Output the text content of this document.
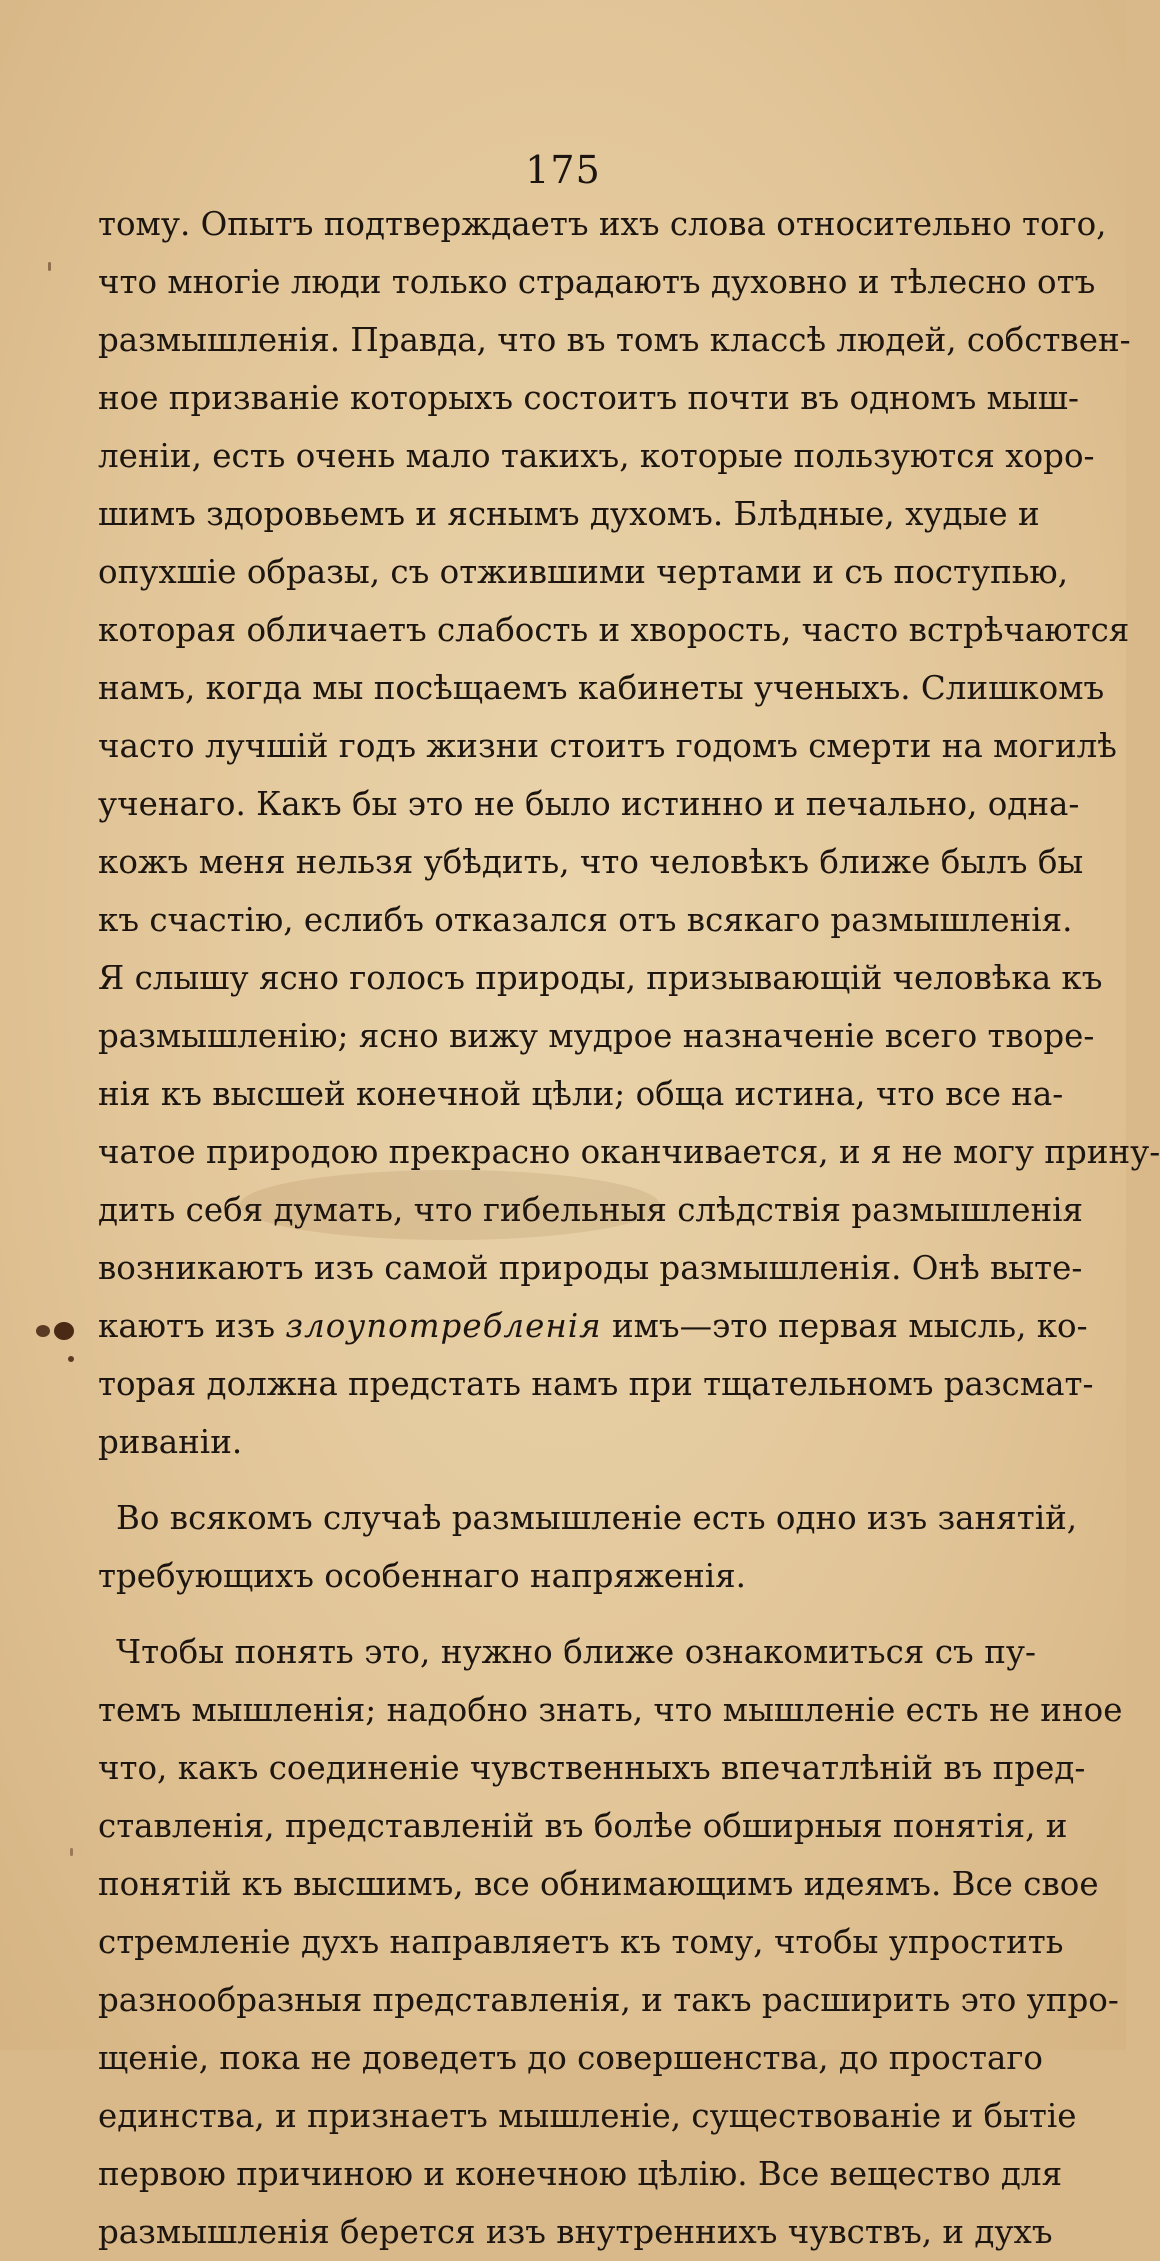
175
тому. Опытъ подтверждаетъ ихъ слова относительно того,
что многіе люди только страдаютъ духовно и тѣлесно отъ
размышленія. Правда, что въ томъ классѣ людей, собствен-
ное призваніе которыхъ состоитъ почти въ одномъ мыш-
леніи, есть очень мало такихъ, которые пользуются хоро-
шимъ здоровьемъ и яснымъ духомъ. Блѣдные, худые и
опухшіе образы, съ отжившими чертами и съ поступью,
которая обличаетъ слабость и хворость, часто встрѣчаются
намъ, когда мы посѣщаемъ кабинеты ученыхъ. Слишкомъ
часто лучшій годъ жизни стоитъ годомъ смерти на могилѣ
ученаго. Какъ бы это не было истинно и печально, одна-
кожъ меня нельзя убѣдить, что человѣкъ ближе былъ бы
къ счастію, еслибъ отказался отъ всякаго размышленія.
Я слышу ясно голосъ природы, призывающій человѣка къ
размышленію; ясно вижу мудрое назначеніе всего творе-
нія къ высшей конечной цѣли; обща истина, что все на-
чатое природою прекрасно оканчивается, и я не могу прину-
дить себя думать, что гибельныя слѣдствія размышленія
возникаютъ изъ самой природы размышленія. Онѣ выте-
каютъ изъ злоупотребленія имъ—это первая мысль, ко-
торая должна предстать намъ при тщательномъ разсмат-
риваніи.
Во всякомъ случаѣ размышленіе есть одно изъ занятій,
требующихъ особеннаго напряженія.
Чтобы понять это, нужно ближе ознакомиться съ пу-
темъ мышленія; надобно знать, что мышленіе есть не иное
что, какъ соединеніе чувственныхъ впечатлѣній въ пред-
ставленія, представленій въ болѣе обширныя понятія, и
понятій къ высшимъ, все обнимающимъ идеямъ. Все свое
стремленіе духъ направляетъ къ тому, чтобы упростить
разнообразныя представленія, и такъ расширить это упро-
щеніе, пока не доведетъ до совершенства, до простаго
единства, и признаетъ мышленіе, существованіе и бытіе
первою причиною и конечною цѣлію. Все вещество для
размышленія берется изъ внутреннихъ чувствъ, и духъ
